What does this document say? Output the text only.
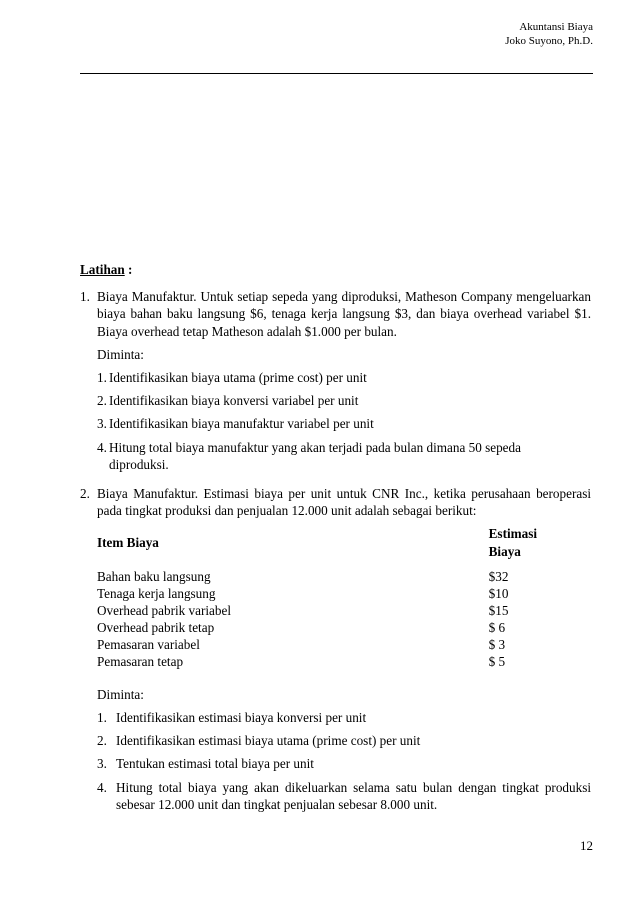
Akuntansi Biaya
Joko Suyono, Ph.D.
Latihan :
1. Biaya Manufaktur. Untuk setiap sepeda yang diproduksi, Matheson Company mengeluarkan biaya bahan baku langsung $6, tenaga kerja langsung $3, dan biaya overhead variabel $1. Biaya overhead tetap Matheson adalah $1.000 per bulan.
Diminta:
1. Identifikasikan biaya utama (prime cost) per unit
2. Identifikasikan biaya konversi variabel per unit
3. Identifikasikan biaya manufaktur variabel per unit
4. Hitung total biaya manufaktur yang akan terjadi pada bulan dimana 50 sepeda
diproduksi.
2. Biaya Manufaktur. Estimasi biaya per unit untuk CNR Inc., ketika perusahaan beroperasi pada tingkat produksi dan penjualan 12.000 unit adalah sebagai berikut:
Item Biaya	Estimasi Biaya
Bahan baku langsung	$32
Tenaga kerja langsung	$10
Overhead pabrik variabel	$15
Overhead pabrik tetap	$ 6
Pemasaran variabel	$ 3
Pemasaran tetap	$ 5
Diminta:
1. Identifikasikan estimasi biaya konversi per unit
2. Identifikasikan estimasi biaya utama (prime cost) per unit
3. Tentukan estimasi total biaya per unit
4. Hitung total biaya yang akan dikeluarkan selama satu bulan dengan tingkat produksi sebesar 12.000 unit dan tingkat penjualan sebesar 8.000 unit.
12
